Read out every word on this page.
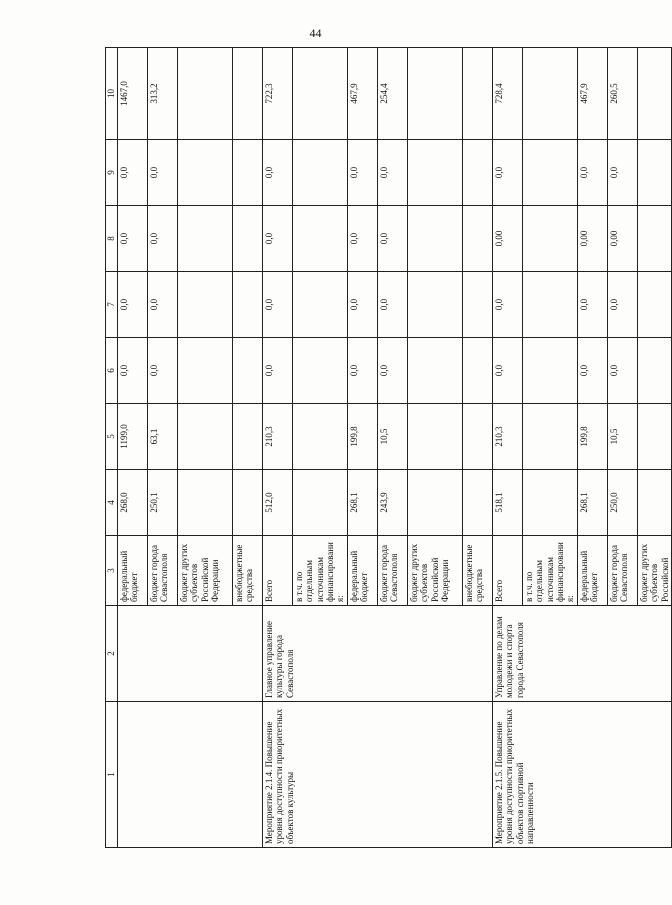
44
1	2	3	4	5	6	7	8	9	10
		федеральный бюджет	268,0	1199,0	0,0	0,0	0,0	0,0	1467,0
		бюджет города Севастополя	250,1	63,1	0,0	0,0	0,0	0,0	313,2
		бюджет других субъектов Российской Федерации							
		внебюджетные средства							
Мероприятие 2.1.4. Повышение уровня доступности приоритетных объектов культуры	Главное управление культуры города Севастополя	Всего	512,0	210,3	0,0	0,0	0,0	0,0	722,3
		в т.ч. по отдельным источникам финансирования:							
		федеральный бюджет	268,1	199,8	0,0	0,0	0,0	0,0	467,9
		бюджет города Севастополя	243,9	10,5	0,0	0,0	0,0	0,0	254,4
		бюджет других субъектов Российской Федерации							
		внебюджетные средства							
Мероприятие 2.1.5. Повышение уровня доступности приоритетных объектов спортивной направленности	Управление по делам молодежи и спорта города Севастополя	Всего	518,1	210,3	0,0	0,0	0,00	0,0	728,4
		в т.ч. по отдельным источникам финансирования:							
		федеральный бюджет	268,1	199,8	0,0	0,0	0,00	0,0	467,9
		бюджет города Севастополя	250,0	10,5	0,0	0,0	0,00	0,0	260,5
		бюджет других субъектов Российской							
